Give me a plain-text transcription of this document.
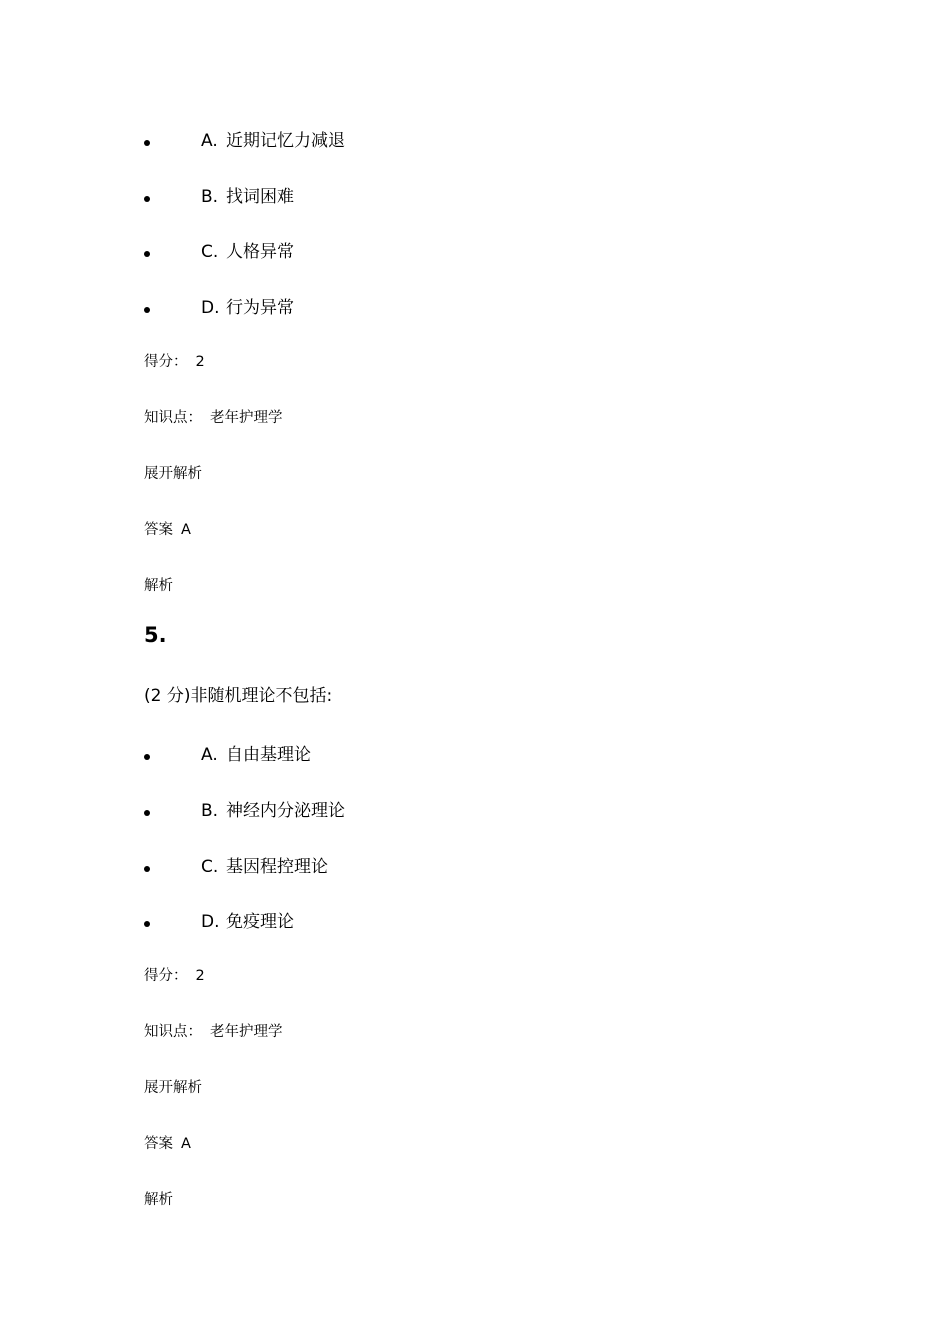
A. 近期记忆力减退
B. 找词困难
C. 人格异常
D. 行为异常
得分： 2
知识点： 老年护理学
展开解析
答案 A
解析
5.
(2 分)非随机理论不包括:
A. 自由基理论
B. 神经内分泌理论
C. 基因程控理论
D. 免疫理论
得分： 2
知识点： 老年护理学
展开解析
答案 A
解析
